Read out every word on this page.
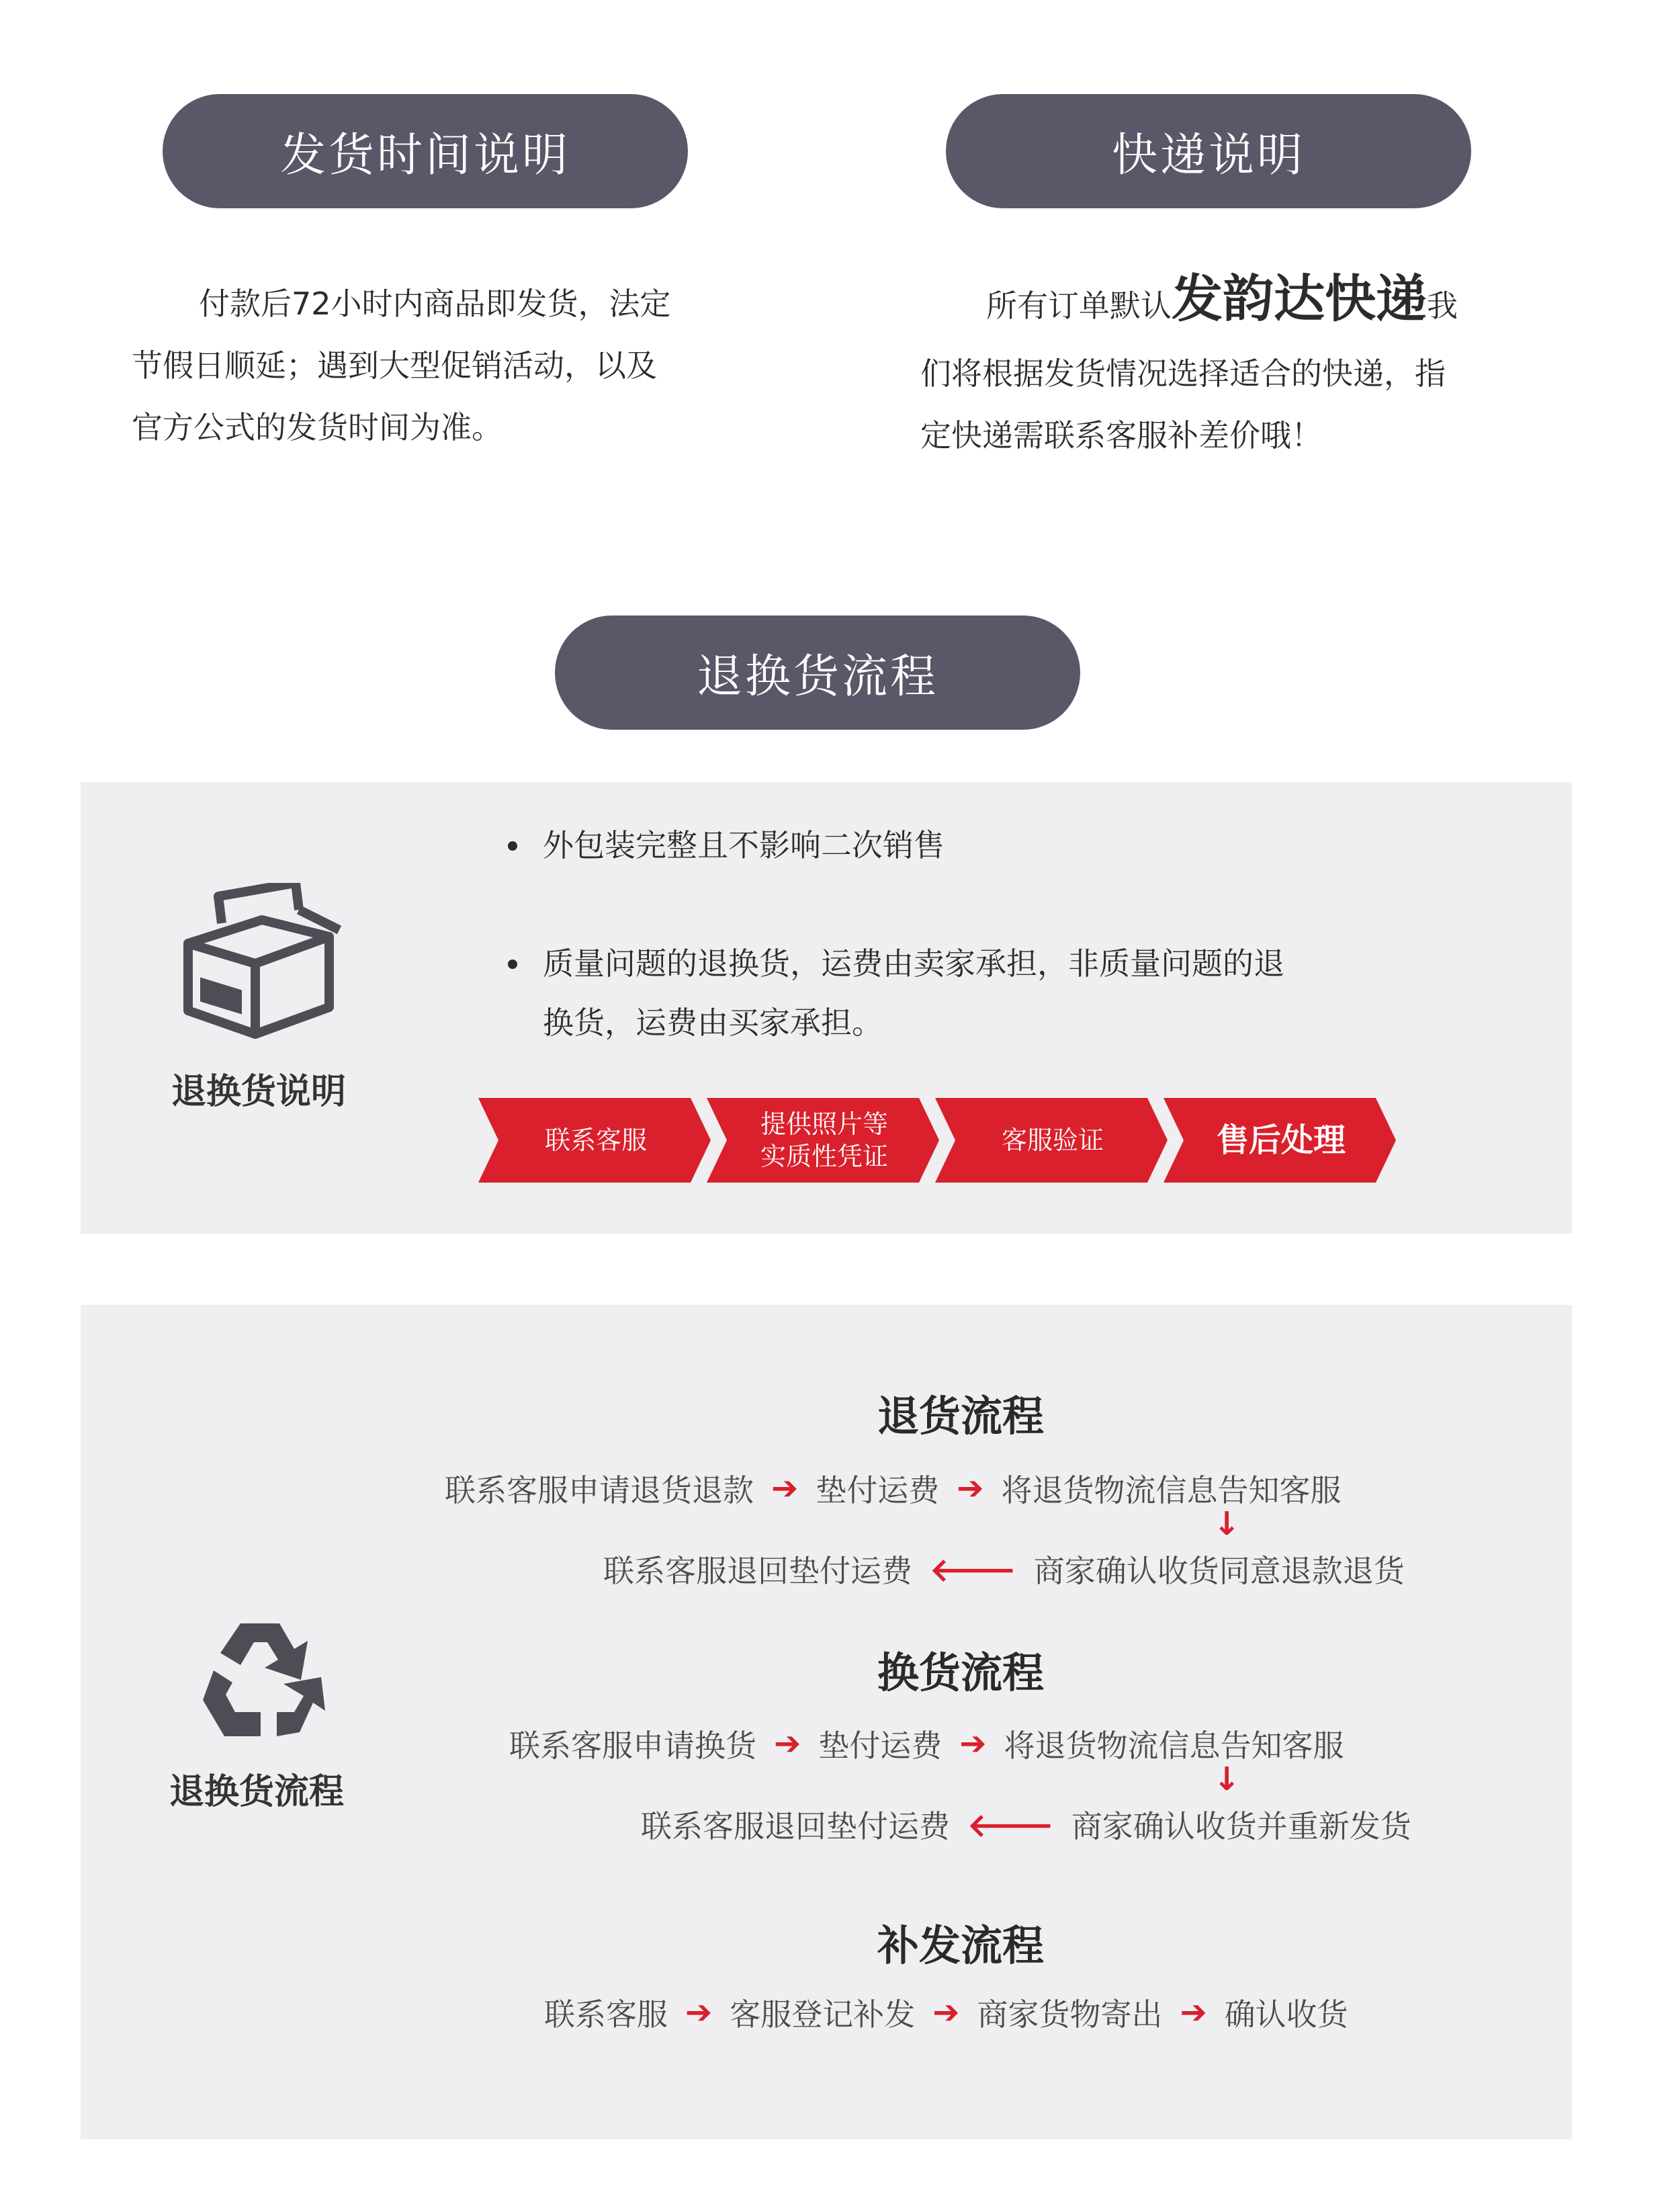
发货时间说明	快递说明
付款后72小时内商品即发货，法定
节假日顺延；遇到大型促销活动，以及
官方公式的发货时间为准。
所有订单默认发韵达快递我
们将根据发货情况选择适合的快递，指
定快递需联系客服补差价哦！
退换货流程
退换货说明
外包装完整且不影响二次销售
质量问题的退换货，运费由卖家承担，非质量问题的退
换货，运费由买家承担。
联系客服
提供照片等
实质性凭证
客服验证	售后处理
退换货流程
退货流程
联系客服申请退货退款 ➔ 垫付运费 ➔ 将退货物流信息告知客服
↓
联系客服退回垫付运费 🡐 商家确认收货同意退款退货
换货流程
联系客服申请换货 ➔ 垫付运费 ➔ 将退货物流信息告知客服
↓
联系客服退回垫付运费 🡐 商家确认收货并重新发货
补发流程
联系客服 ➔ 客服登记补发 ➔ 商家货物寄出 ➔ 确认收货
